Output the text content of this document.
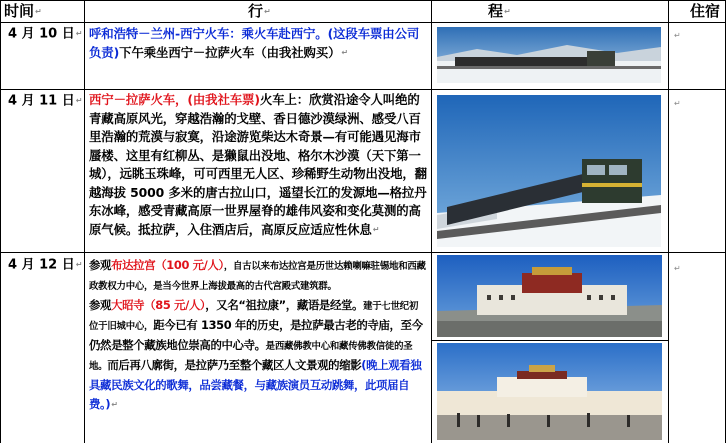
时间↵	行↵	程↵	住宿
4 月 10 日↵ 呼和浩特－兰州-西宁火车：乘火车赴西宁。(这段车票由公司负责)下午乘坐西宁－拉萨火车（由我社购买）↵
4 月 11 日↵ 西宁－拉萨火车，(由我社车票)火车上：欣赏沿途令人叫绝的青藏高原风光，穿越浩瀚的戈壁、香日德沙漠绿洲、感受八百里浩瀚的荒漠与寂寞，沿途游览柴达木奇景—有可能遇见海市蜃楼、这里有红柳丛、是獭鼠出没地、格尔木沙漠（天下第一城），远眺玉珠峰，可可西里无人区、珍稀野生动物出没地，翻越海拔 5000 多米的唐古拉山口，遥望长江的发源地—格拉丹东冰峰，感受青藏高原一世界屋脊的雄伟风姿和变化莫测的高原气候。抵拉萨，入住酒店后，高原反应适应性休息↵
4 月 12 日↵ 参观布达拉宫（100 元/人），自古以来布达拉宫是历世达赖喇嘛驻锡地和西藏政教权力中心，是当今世界上海拔最高的古代宫殿式建筑群。
参观大昭寺（85 元/人），又名“祖拉康”，藏语是经堂。建于七世纪初位于旧城中心，距今已有 1350 年的历史，是拉萨最古老的寺庙，至今仍然是整个藏族地位崇高的中心寺。是西藏佛教中心和藏传佛教信徒的圣地。而后再八廓街，是拉萨乃至整个藏区人文景观的缩影(晚上观看独具藏民族文化的歌舞，品尝藏餐，与藏族演员互动跳舞，此项届自费。)↵
↵
↵
↵
